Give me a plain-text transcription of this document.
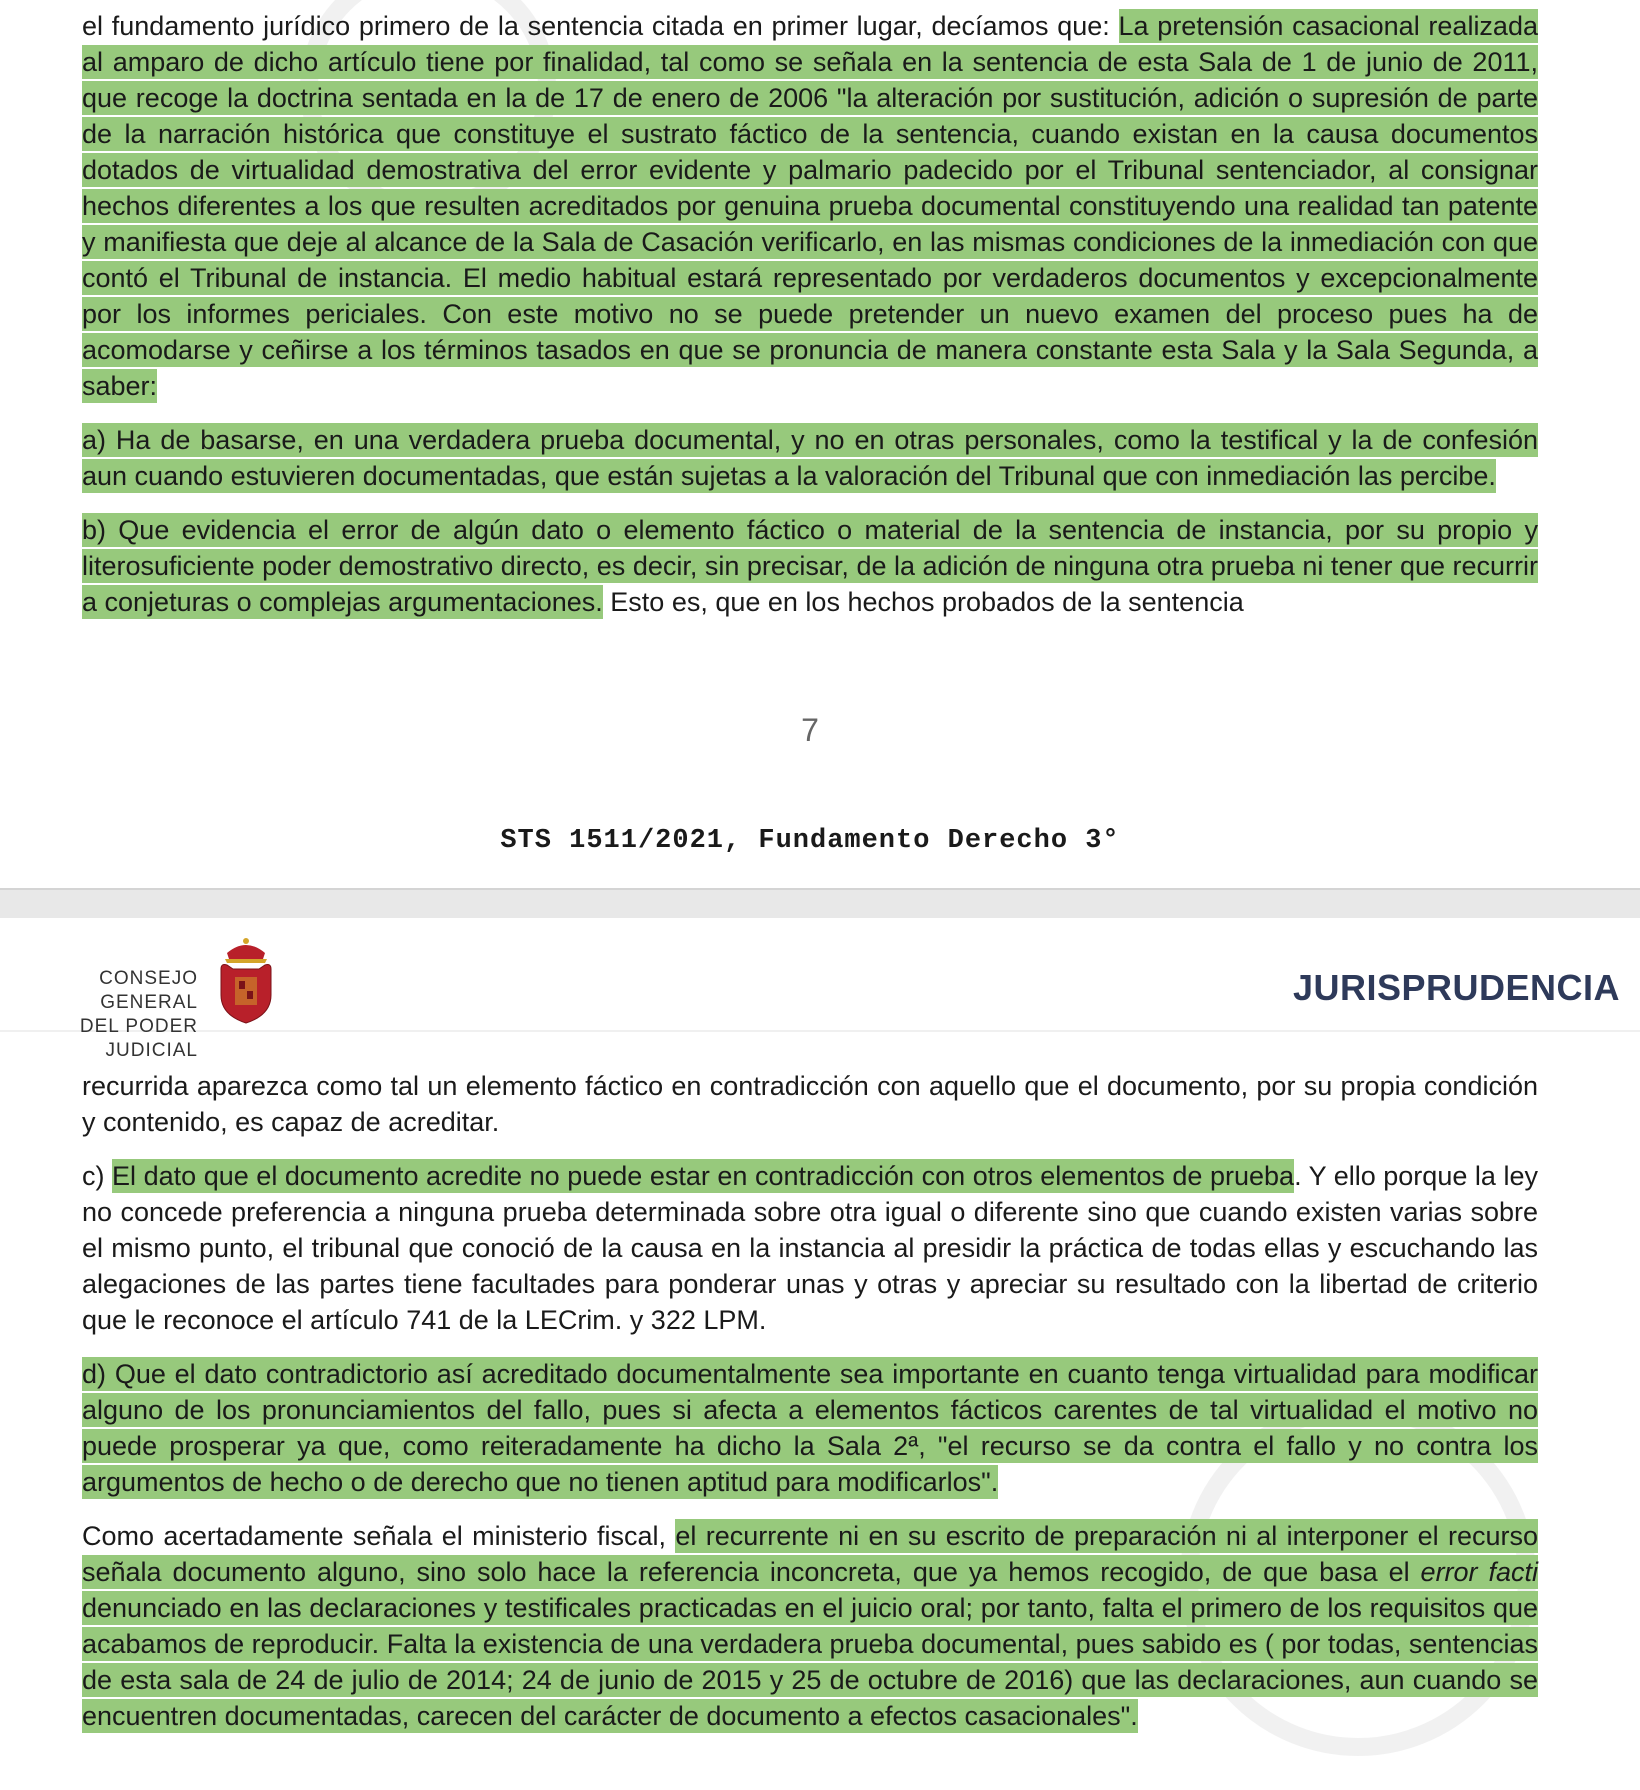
el fundamento jurídico primero de la sentencia citada en primer lugar, decíamos que: La pretensión casacional realizada al amparo de dicho artículo tiene por finalidad, tal como se señala en la sentencia de esta Sala de 1 de junio de 2011, que recoge la doctrina sentada en la de 17 de enero de 2006 "la alteración por sustitución, adición o supresión de parte de la narración histórica que constituye el sustrato fáctico de la sentencia, cuando existan en la causa documentos dotados de virtualidad demostrativa del error evidente y palmario padecido por el Tribunal sentenciador, al consignar hechos diferentes a los que resulten acreditados por genuina prueba documental constituyendo una realidad tan patente y manifiesta que deje al alcance de la Sala de Casación verificarlo, en las mismas condiciones de la inmediación con que contó el Tribunal de instancia. El medio habitual estará representado por verdaderos documentos y excepcionalmente por los informes periciales. Con este motivo no se puede pretender un nuevo examen del proceso pues ha de acomodarse y ceñirse a los términos tasados en que se pronuncia de manera constante esta Sala y la Sala Segunda, a saber:

a) Ha de basarse, en una verdadera prueba documental, y no en otras personales, como la testifical y la de confesión aun cuando estuvieren documentadas, que están sujetas a la valoración del Tribunal que con inmediación las percibe.

b) Que evidencia el error de algún dato o elemento fáctico o material de la sentencia de instancia, por su propio y literosuficiente poder demostrativo directo, es decir, sin precisar, de la adición de ninguna otra prueba ni tener que recurrir a conjeturas o complejas argumentaciones. Esto es, que en los hechos probados de la sentencia

7
STS 1511/2021, Fundamento Derecho 3°
CONSEJO GENERAL
DEL PODER JUDICIAL
JURISPRUDENCIA

recurrida aparezca como tal un elemento fáctico en contradicción con aquello que el documento, por su propia condición y contenido, es capaz de acreditar.

c) El dato que el documento acredite no puede estar en contradicción con otros elementos de prueba. Y ello porque la ley no concede preferencia a ninguna prueba determinada sobre otra igual o diferente sino que cuando existen varias sobre el mismo punto, el tribunal que conoció de la causa en la instancia al presidir la práctica de todas ellas y escuchando las alegaciones de las partes tiene facultades para ponderar unas y otras y apreciar su resultado con la libertad de criterio que le reconoce el artículo 741 de la LECrim. y 322 LPM.

d) Que el dato contradictorio así acreditado documentalmente sea importante en cuanto tenga virtualidad para modificar alguno de los pronunciamientos del fallo, pues si afecta a elementos fácticos carentes de tal virtualidad el motivo no puede prosperar ya que, como reiteradamente ha dicho la Sala 2ª, "el recurso se da contra el fallo y no contra los argumentos de hecho o de derecho que no tienen aptitud para modificarlos".

Como acertadamente señala el ministerio fiscal, el recurrente ni en su escrito de preparación ni al interponer el recurso señala documento alguno, sino solo hace la referencia inconcreta, que ya hemos recogido, de que basa el error facti denunciado en las declaraciones y testificales practicadas en el juicio oral; por tanto, falta el primero de los requisitos que acabamos de reproducir. Falta la existencia de una verdadera prueba documental, pues sabido es ( por todas, sentencias de esta sala de 24 de julio de 2014; 24 de junio de 2015 y 25 de octubre de 2016) que las declaraciones, aun cuando se encuentren documentadas, carecen del carácter de documento a efectos casacionales".
